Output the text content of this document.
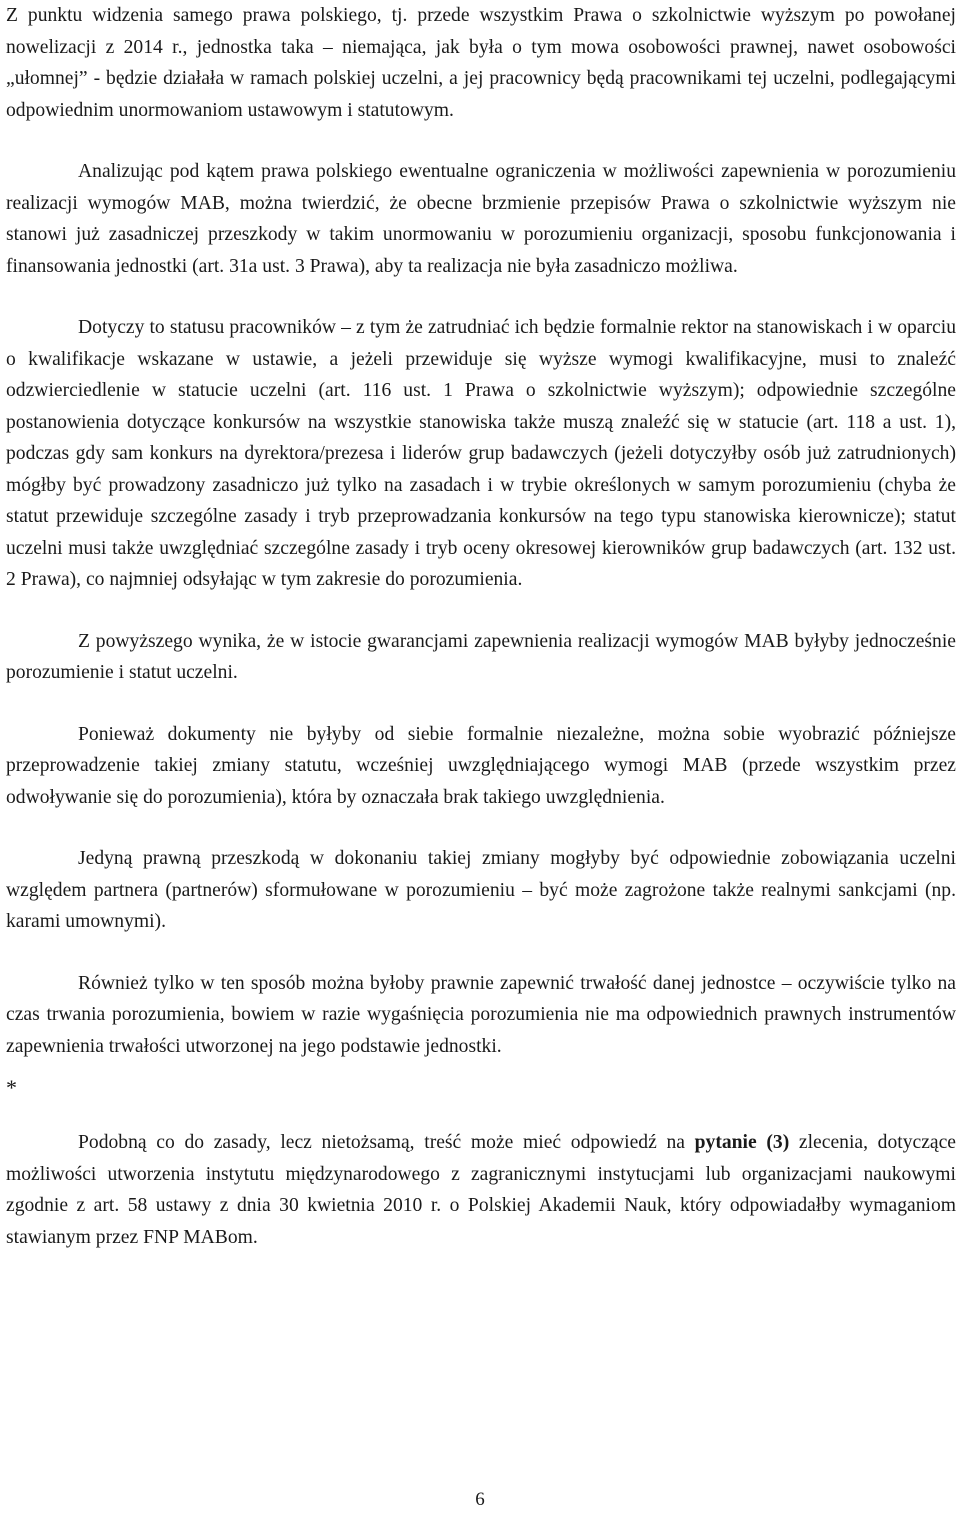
Z punktu widzenia samego prawa polskiego, tj. przede wszystkim Prawa o szkolnictwie wyższym po powołanej nowelizacji z 2014 r., jednostka taka – niemająca, jak była o tym mowa osobowości prawnej, nawet osobowości „ułomnej” - będzie działała w ramach polskiej uczelni, a jej pracownicy będą pracownikami tej uczelni, podlegającymi odpowiednim unormowaniom ustawowym i statutowym.

Analizując pod kątem prawa polskiego ewentualne ograniczenia w możliwości zapewnienia w porozumieniu realizacji wymogów MAB, można twierdzić, że obecne brzmienie przepisów Prawa o szkolnictwie wyższym nie stanowi już zasadniczej przeszkody w takim unormowaniu w porozumieniu organizacji, sposobu funkcjonowania i finansowania jednostki (art. 31a ust. 3 Prawa), aby ta realizacja nie była zasadniczo możliwa.

Dotyczy to statusu pracowników – z tym że zatrudniać ich będzie formalnie rektor na stanowiskach i w oparciu o kwalifikacje wskazane w ustawie, a jeżeli przewiduje się wyższe wymogi kwalifikacyjne, musi to znaleźć odzwierciedlenie w statucie uczelni (art. 116 ust. 1 Prawa o szkolnictwie wyższym); odpowiednie szczególne postanowienia dotyczące konkursów na wszystkie stanowiska także muszą znaleźć się w statucie (art. 118 a ust. 1), podczas gdy sam konkurs na dyrektora/prezesa i liderów grup badawczych (jeżeli dotyczyłby osób już zatrudnionych) mógłby być prowadzony zasadniczo już tylko na zasadach i w trybie określonych w samym porozumieniu (chyba że statut przewiduje szczególne zasady i tryb przeprowadzania konkursów na tego typu stanowiska kierownicze); statut uczelni musi także uwzględniać szczególne zasady i tryb oceny okresowej kierowników grup badawczych (art. 132 ust. 2 Prawa), co najmniej odsyłając w tym zakresie do porozumienia.

Z powyższego wynika, że w istocie gwarancjami zapewnienia realizacji wymogów MAB byłyby jednocześnie porozumienie i statut uczelni.

Ponieważ dokumenty nie byłyby od siebie formalnie niezależne, można sobie wyobrazić późniejsze przeprowadzenie takiej zmiany statutu, wcześniej uwzględniającego wymogi MAB (przede wszystkim przez odwoływanie się do porozumienia), która by oznaczała brak takiego uwzględnienia.

Jedyną prawną przeszkodą w dokonaniu takiej zmiany mogłyby być odpowiednie zobowiązania uczelni względem partnera (partnerów) sformułowane w porozumieniu – być może zagrożone także realnymi sankcjami (np. karami umownymi).

Również tylko w ten sposób można byłoby prawnie zapewnić trwałość danej jednostce – oczywiście tylko na czas trwania porozumienia, bowiem w razie wygaśnięcia porozumienia nie ma odpowiednich prawnych instrumentów zapewnienia trwałości utworzonej na jego podstawie jednostki.

*

Podobną co do zasady, lecz nietożsamą, treść może mieć odpowiedź na pytanie (3) zlecenia, dotyczące możliwości utworzenia instytutu międzynarodowego z zagranicznymi instytucjami lub organizacjami naukowymi zgodnie z art. 58 ustawy z dnia 30 kwietnia 2010 r. o Polskiej Akademii Nauk, który odpowiadałby wymaganiom stawianym przez FNP MABom.

6
